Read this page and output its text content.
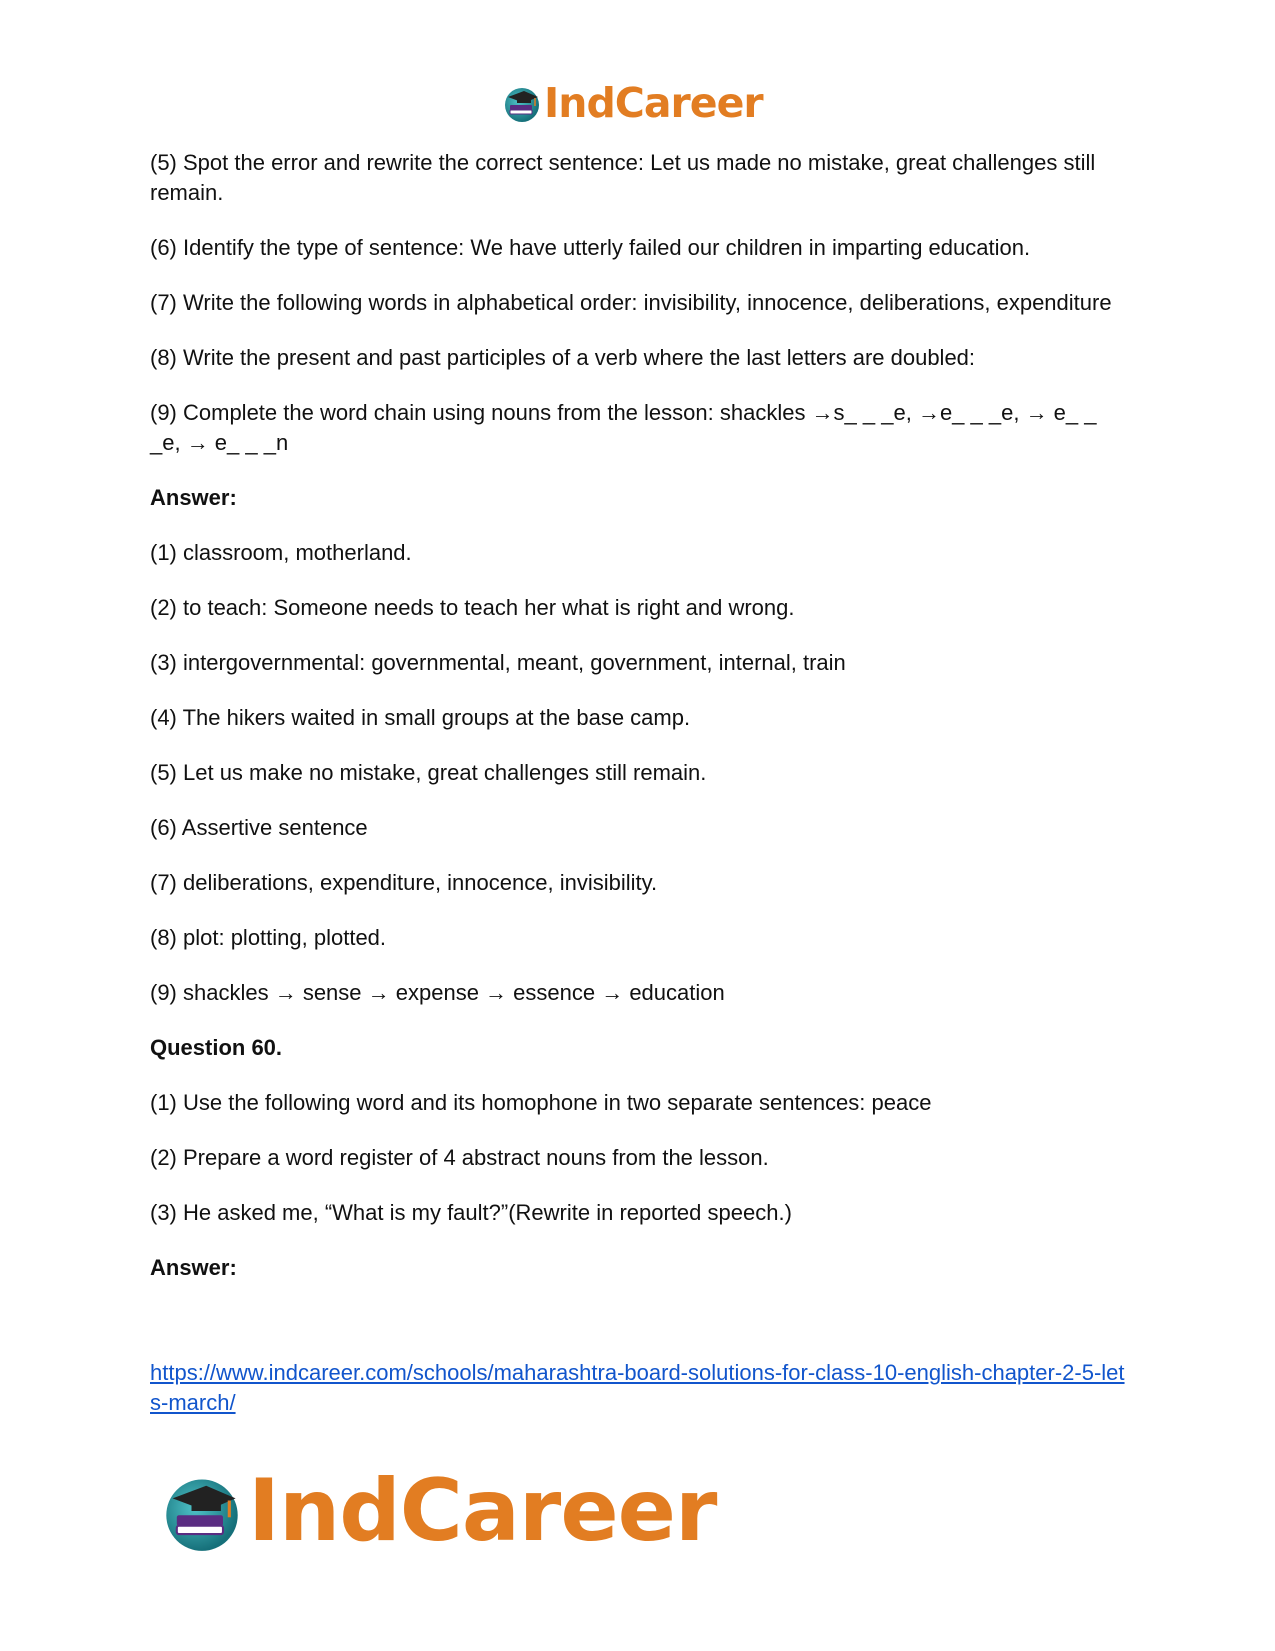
IndCareer

(5) Spot the error and rewrite the correct sentence: Let us made no mistake, great challenges still remain.

(6) Identify the type of sentence: We have utterly failed our children in imparting education.

(7) Write the following words in alphabetical order: invisibility, innocence, deliberations, expenditure

(8) Write the present and past participles of a verb where the last letters are doubled:

(9) Complete the word chain using nouns from the lesson: shackles →s_ _ _e, →e_ _ _e, → e_ _ _e, → e_ _ _n

Answer:

(1) classroom, motherland.

(2) to teach: Someone needs to teach her what is right and wrong.

(3) intergovernmental: governmental, meant, government, internal, train

(4) The hikers waited in small groups at the base camp.

(5) Let us make no mistake, great challenges still remain.

(6) Assertive sentence

(7) deliberations, expenditure, innocence, invisibility.

(8) plot: plotting, plotted.

(9) shackles → sense → expense → essence → education

Question 60.

(1) Use the following word and its homophone in two separate sentences: peace

(2) Prepare a word register of 4 abstract nouns from the lesson.

(3) He asked me, “What is my fault?”(Rewrite in reported speech.)

Answer:

https://www.indcareer.com/schools/maharashtra-board-solutions-for-class-10-english-chapter-2-5-lets-march/
IndCareer
